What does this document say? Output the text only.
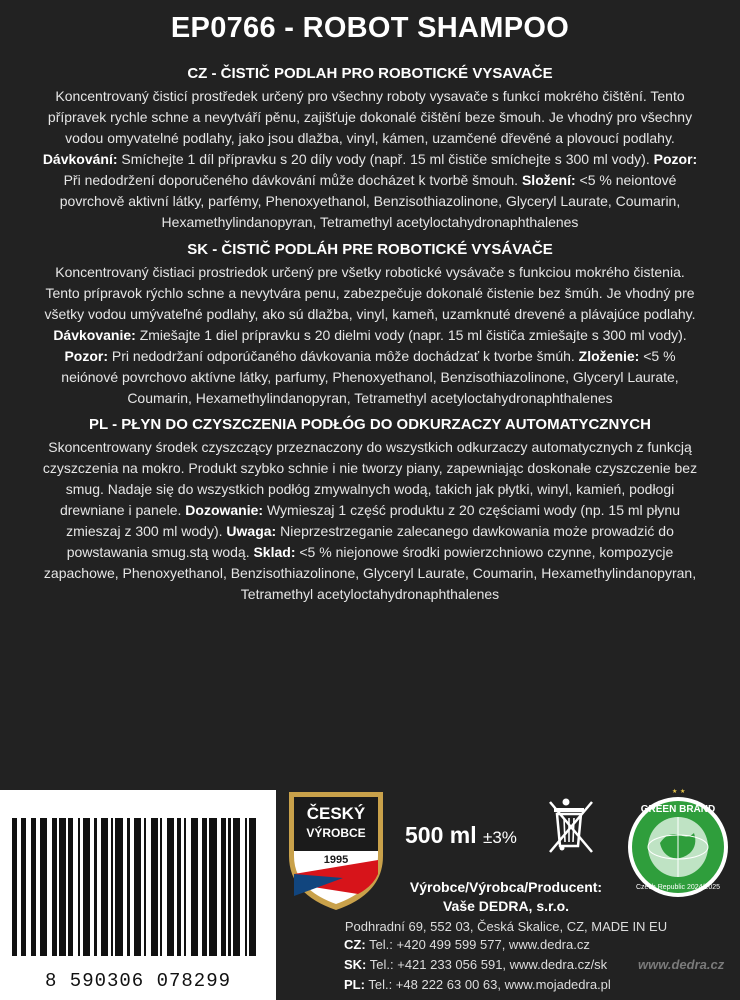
EP0766 - ROBOT SHAMPOO
CZ - ČISTIČ PODLAH PRO ROBOTICKÉ VYSAVAČE
Koncentrovaný čisticí prostředek určený pro všechny roboty vysavače s funkcí mokrého čištění. Tento přípravek rychle schne a nevytváří pěnu, zajišťuje dokonalé čištění beze šmouh. Je vhodný pro všechny vodou omyvatelné podlahy, jako jsou dlažba, vinyl, kámen, uzamčené dřevěné a plovoucí podlahy. Dávkování: Smíchejte 1 díl přípravku s 20 díly vody (např. 15 ml čističe smíchejte s 300 ml vody). Pozor: Při nedodržení doporučeného dávkování může docházet k tvorbě šmouh. Složení: <5 % neiontové povrchově aktivní látky, parfémy, Phenoxyethanol, Benzisothiazolinone, Glyceryl Laurate, Coumarin, Hexamethylindanopyran, Tetramethyl acetyloctahydronaphthalenes
SK - ČISTIČ PODLÁH PRE ROBOTICKÉ VYSÁVAČE
Koncentrovaný čistiaci prostriedok určený pre všetky robotické vysávače s funkciou mokrého čistenia. Tento prípravok rýchlo schne a nevytvára penu, zabezpečuje dokonalé čistenie bez šmúh. Je vhodný pre všetky vodou umývateľné podlahy, ako sú dlažba, vinyl, kameň, uzamknuté drevené a plávajúce podlahy. Dávkovanie: Zmiešajte 1 diel prípravku s 20 dielmi vody (napr. 15 ml čističa zmiešajte s 300 ml vody). Pozor: Pri nedodržaní odporúčaného dávkovania môže dochádzať k tvorbe šmúh. Zloženie: <5 % neiónové povrchovo aktívne látky, parfumy, Phenoxyethanol, Benzisothiazolinone, Glyceryl Laurate, Coumarin, Hexamethylindanopyran, Tetramethyl acetyloctahydronaphthalenes
PL - PŁYN DO CZYSZCZENIA PODŁÓG DO ODKURZACZY AUTOMATYCZNYCH
Skoncentrowany środek czyszczący przeznaczony do wszystkich odkurzaczy automatycznych z funkcją czyszczenia na mokro. Produkt szybko schnie i nie tworzy piany, zapewniając doskonałe czyszczenie bez smug. Nadaje się do wszystkich podłóg zmywalnych wodą, takich jak płytki, winyl, kamień, podłogi drewniane i panele. Dozowanie: Wymieszaj 1 część produktu z 20 częściami wody (np. 15 ml płynu zmieszaj z 300 ml wody). Uwaga: Nieprzestrzeganie zalecanego dawkowania może prowadzić do powstawania smug.stą wodą. Sklad: <5 % niejonowe środki powierzchniowo czynne, kompozycje zapachowe, Phenoxyethanol, Benzisothiazolinone, Glyceryl Laurate, Coumarin, Hexamethylindanopyran, Tetramethyl acetyloctahydronaphthalenes
8 590306 078299
ČESKÝ
VÝROBCE
1995
500 ml ±3%
GREEN BRAND
Czech Republic 2024/2025
★ ★
Výrobce/Výrobca/Producent:
Vaše DEDRA, s.r.o.
Podhradní 69, 552 03, Česká Skalice, CZ, MADE IN EU
CZ: Tel.: +420 499 599 577, www.dedra.cz
SK: Tel.: +421 233 056 591, www.dedra.cz/sk
PL: Tel.: +48 222 63 00 63, www.mojadedra.pl
www.dedra.cz
